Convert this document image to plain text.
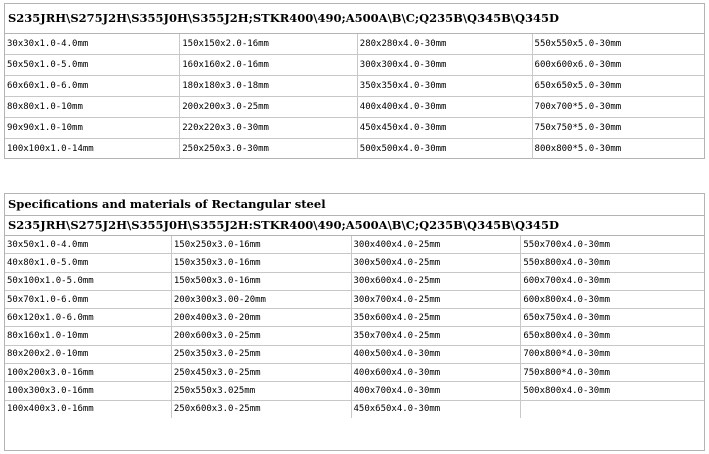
S235JRH\S275J2H\S355J0H\S355J2H;STKR400\490;A500A\B\C;Q235B\Q345B\Q345D
30x30x1.0-4.0mm	150x150x2.0-16mm	280x280x4.0-30mm	550x550x5.0-30mm
50x50x1.0-5.0mm	160x160x2.0-16mm	300x300x4.0-30mm	600x600x6.0-30mm
60x60x1.0-6.0mm	180x180x3.0-18mm	350x350x4.0-30mm	650x650x5.0-30mm
80x80x1.0-10mm	200x200x3.0-25mm	400x400x4.0-30mm	700x700*5.0-30mm
90x90x1.0-10mm	220x220x3.0-30mm	450x450x4.0-30mm	750x750*5.0-30mm
100x100x1.0-14mm	250x250x3.0-30mm	500x500x4.0-30mm	800x800*5.0-30mm
Specifications and materials of Rectangular steel
S235JRH\S275J2H\S355J0H\S355J2H:STKR400\490;A500A\B\C;Q235B\Q345B\Q345D
30x50x1.0-4.0mm	150x250x3.0-16mm	300x400x4.0-25mm	550x700x4.0-30mm
40x80x1.0-5.0mm	150x350x3.0-16mm	300x500x4.0-25mm	550x800x4.0-30mm
50x100x1.0-5.0mm	150x500x3.0-16mm	300x600x4.0-25mm	600x700x4.0-30mm
50x70x1.0-6.0mm	200x300x3.00-20mm	300x700x4.0-25mm	600x800x4.0-30mm
60x120x1.0-6.0mm	200x400x3.0-20mm	350x600x4.0-25mm	650x750x4.0-30mm
80x160x1.0-10mm	200x600x3.0-25mm	350x700x4.0-25mm	650x800x4.0-30mm
80x200x2.0-10mm	250x350x3.0-25mm	400x500x4.0-30mm	700x800*4.0-30mm
100x200x3.0-16mm	250x450x3.0-25mm	400x600x4.0-30mm	750x800*4.0-30mm
100x300x3.0-16mm	250x550x3.025mm	400x700x4.0-30mm	500x800x4.0-30mm
100x400x3.0-16mm	250x600x3.0-25mm	450x650x4.0-30mm	
